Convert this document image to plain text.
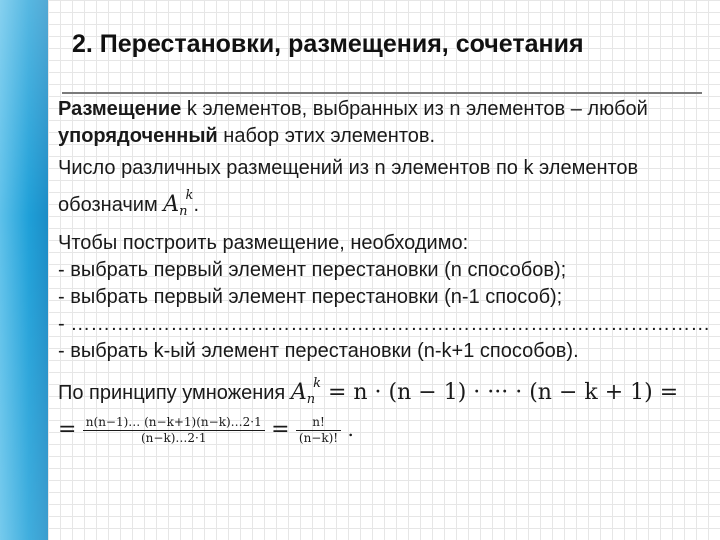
2. Перестановки, размещения, сочетания

Размещение k элементов, выбранных из n элементов – любой

упорядоченный набор этих элементов.

Число различных размещений из n элементов по k элементов

обозначим $A_n^k$.

Чтобы построить размещение, необходимо:

- выбрать первый элемент перестановки (n способов);

- выбрать первый элемент перестановки (n-1 способ);

- ……………………………………………………………………………………

- выбрать k-ый элемент перестановки (n-k+1 способов).

По принципу умножения $A_n^k = n \cdot (n - 1)$ · ··· · (n − k + 1) =

= $\frac{n(n-1)\dots (n-k+1)(n-k)\dots 2\cdot 1}{(n-k)\dots 2\cdot 1} = \frac{n!}{(n-k)!}$ .
